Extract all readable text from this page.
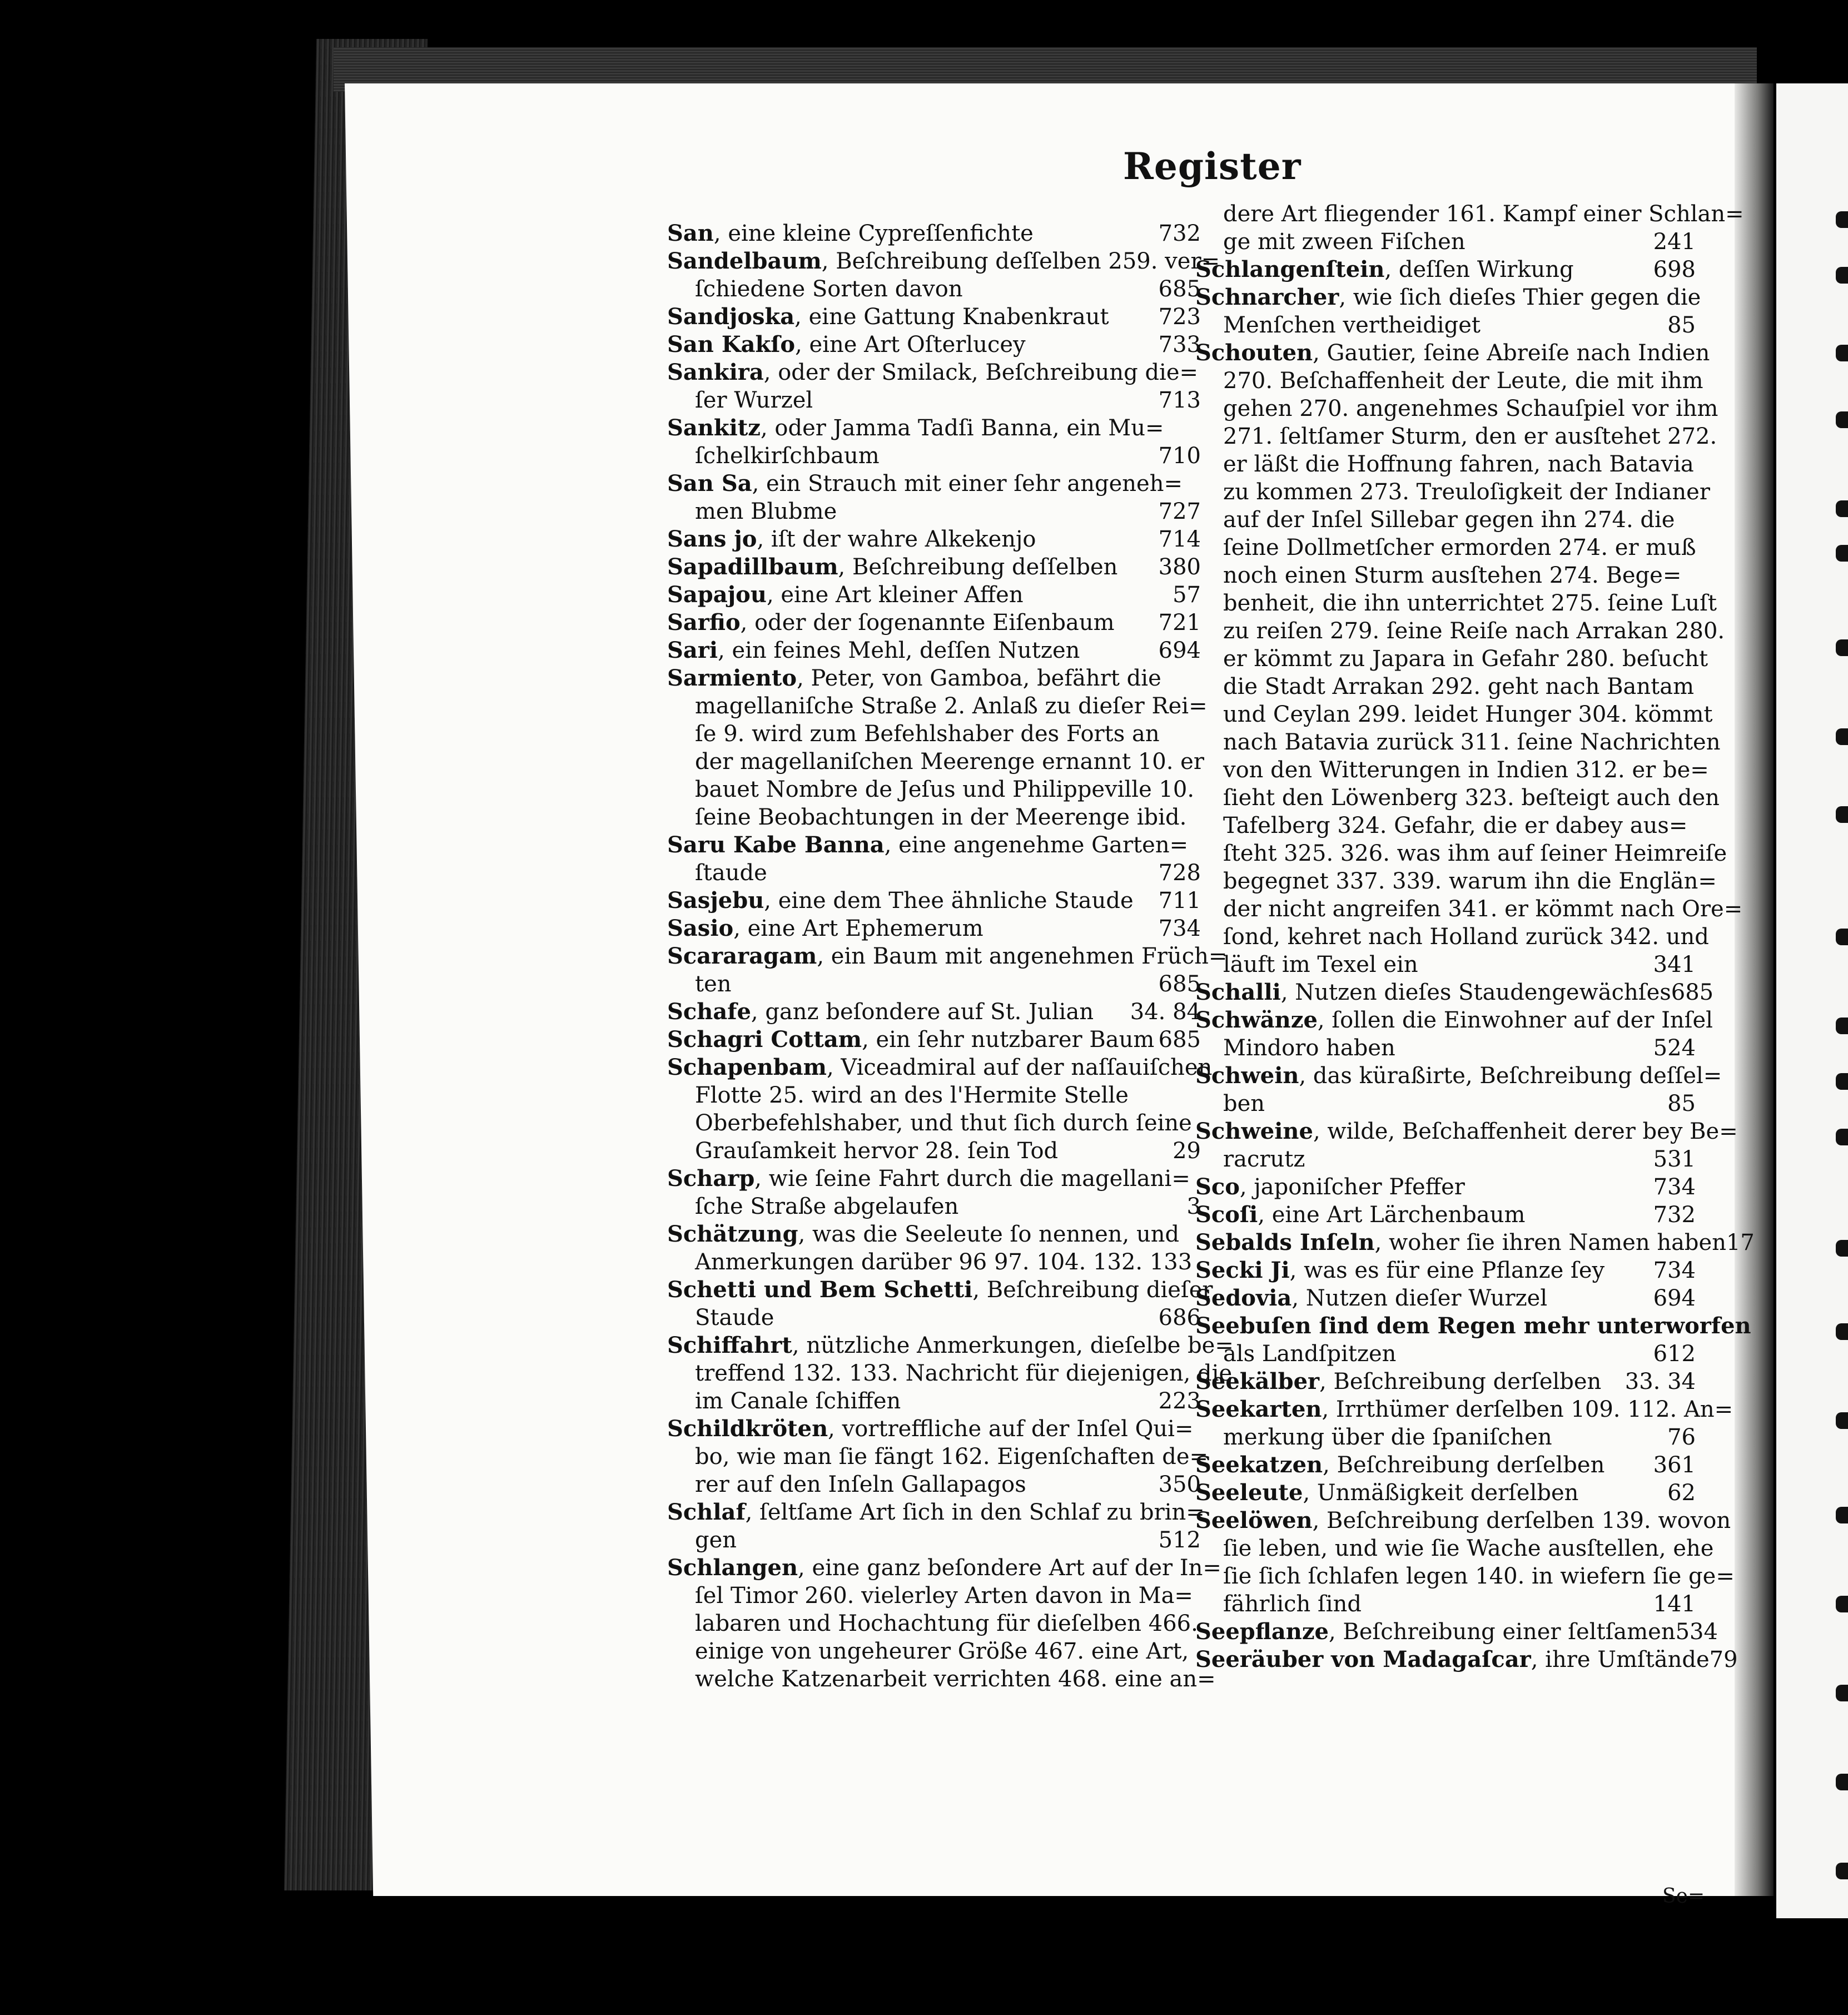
Register
San, eine kleine Cypreſſenfichte	732
Sandelbaum, Beſchreibung deſſelben 259. ver=
ſchiedene Sorten davon	685
Sandjoska, eine Gattung Knabenkraut 723
San Kakſo, eine Art Oſterlucey	733
Sankira, oder der Smilack, Beſchreibung die=
ſer Wurzel	713
Sankitz, oder Jamma Tadſi Banna, ein Mu=
ſchelkirſchbaum	710
San Sa, ein Strauch mit einer ſehr angeneh=
men Blubme	727
Sans jo, iſt der wahre Alkekenjo	714
Sapadillbaum, Beſchreibung deſſelben 380
Sapajou, eine Art kleiner Affen	57
Sarfio, oder der ſogenannte Eiſenbaum 721
Sari, ein feines Mehl, deſſen Nutzen	694
Sarmiento, Peter, von Gamboa, befährt die
magellaniſche Straße 2. Anlaß zu dieſer Rei=
ſe 9. wird zum Befehlshaber des Forts an
der magellaniſchen Meerenge ernannt 10. er
bauet Nombre de Jeſus und Philippeville 10.
ſeine Beobachtungen in der Meerenge ibid.
Saru Kabe Banna, eine angenehme Garten=
ſtaude	728
Sasjebu, eine dem Thee ähnliche Staude 711
Sasio, eine Art Ephemerum	734
Scararagam, ein Baum mit angenehmen Früch=
ten	685
Schafe, ganz beſondere auf St. Julian 34. 84
Schagri Cottam, ein ſehr nutzbarer Baum 685
Schapenbam, Viceadmiral auf der naſſauiſchen
Flotte 25. wird an des l'Hermite Stelle
Oberbefehlshaber, und thut ſich durch ſeine
Grauſamkeit hervor 28. ſein Tod	29
Scharp, wie ſeine Fahrt durch die magellani=
ſche Straße abgelaufen	3
Schätzung, was die Seeleute ſo nennen, und
Anmerkungen darüber 96 97. 104. 132. 133
Schetti und Bem Schetti, Beſchreibung dieſer
Staude	686
Schiffahrt, nützliche Anmerkungen, dieſelbe be=
treffend 132. 133. Nachricht für diejenigen, die
im Canale ſchiffen	223
Schildkröten, vortreffliche auf der Inſel Qui=
bo, wie man ſie fängt 162. Eigenſchaften de=
rer auf den Inſeln Gallapagos	350
Schlaf, ſeltſame Art ſich in den Schlaf zu brin=
gen	512
Schlangen, eine ganz beſondere Art auf der In=
ſel Timor 260. vielerley Arten davon in Ma=
labaren und Hochachtung für dieſelben 466.
einige von ungeheurer Größe 467. eine Art,
welche Katzenarbeit verrichten 468. eine an=
dere Art fliegender 161. Kampf einer Schlan=
ge mit zween Fiſchen	241
Schlangenſtein, deſſen Wirkung	698
Schnarcher, wie ſich dieſes Thier gegen die
Menſchen vertheidiget	85
Schouten, Gautier, ſeine Abreiſe nach Indien
270. Beſchaffenheit der Leute, die mit ihm
gehen 270. angenehmes Schauſpiel vor ihm
271. ſeltſamer Sturm, den er ausſtehet 272.
er läßt die Hoffnung fahren, nach Batavia
zu kommen 273. Treuloſigkeit der Indianer
auf der Inſel Sillebar gegen ihn 274. die
ſeine Dollmetſcher ermorden 274. er muß
noch einen Sturm ausſtehen 274. Bege=
benheit, die ihn unterrichtet 275. ſeine Luſt
zu reiſen 279. ſeine Reiſe nach Arrakan 280.
er kömmt zu Japara in Gefahr 280. beſucht
die Stadt Arrakan 292. geht nach Bantam
und Ceylan 299. leidet Hunger 304. kömmt
nach Batavia zurück 311. ſeine Nachrichten
von den Witterungen in Indien 312. er be=
ſieht den Löwenberg 323. beſteigt auch den
Tafelberg 324. Gefahr, die er dabey aus=
ſteht 325. 326. was ihm auf ſeiner Heimreiſe
begegnet 337. 339. warum ihn die Englän=
der nicht angreifen 341. er kömmt nach Ore=
ſond, kehret nach Holland zurück 342. und
läuft im Texel ein	341
Schalli, Nutzen dieſes Staudengewächſes 685
Schwänze, ſollen die Einwohner auf der Inſel
Mindoro haben	524
Schwein, das küraßirte, Beſchreibung deſſel=
ben	85
Schweine, wilde, Beſchaffenheit derer bey Be=
racrutz	531
Sco, japoniſcher Pfeffer	734
Scoſi, eine Art Lärchenbaum	732
Sebalds Inſeln, woher ſie ihren Namen haben 17
Secki Ji, was es für eine Pflanze ſey 734
Sedovia, Nutzen dieſer Wurzel	694
Seebuſen ſind dem Regen mehr unterworfen
als Landſpitzen	612
Seekälber, Beſchreibung derſelben 33. 34
Seekarten, Irrthümer derſelben 109. 112. An=
merkung über die ſpaniſchen	76
Seekatzen, Beſchreibung derſelben 361
Seeleute, Unmäßigkeit derſelben	62
Seelöwen, Beſchreibung derſelben 139. wovon
ſie leben, und wie ſie Wache ausſtellen, ehe
ſie ſich ſchlafen legen 140. in wiefern ſie ge=
fährlich ſind	141
Seepflanze, Beſchreibung einer ſeltſamen 534
Seeräuber von Madagaſcar, ihre Umſtände 79
Se=
